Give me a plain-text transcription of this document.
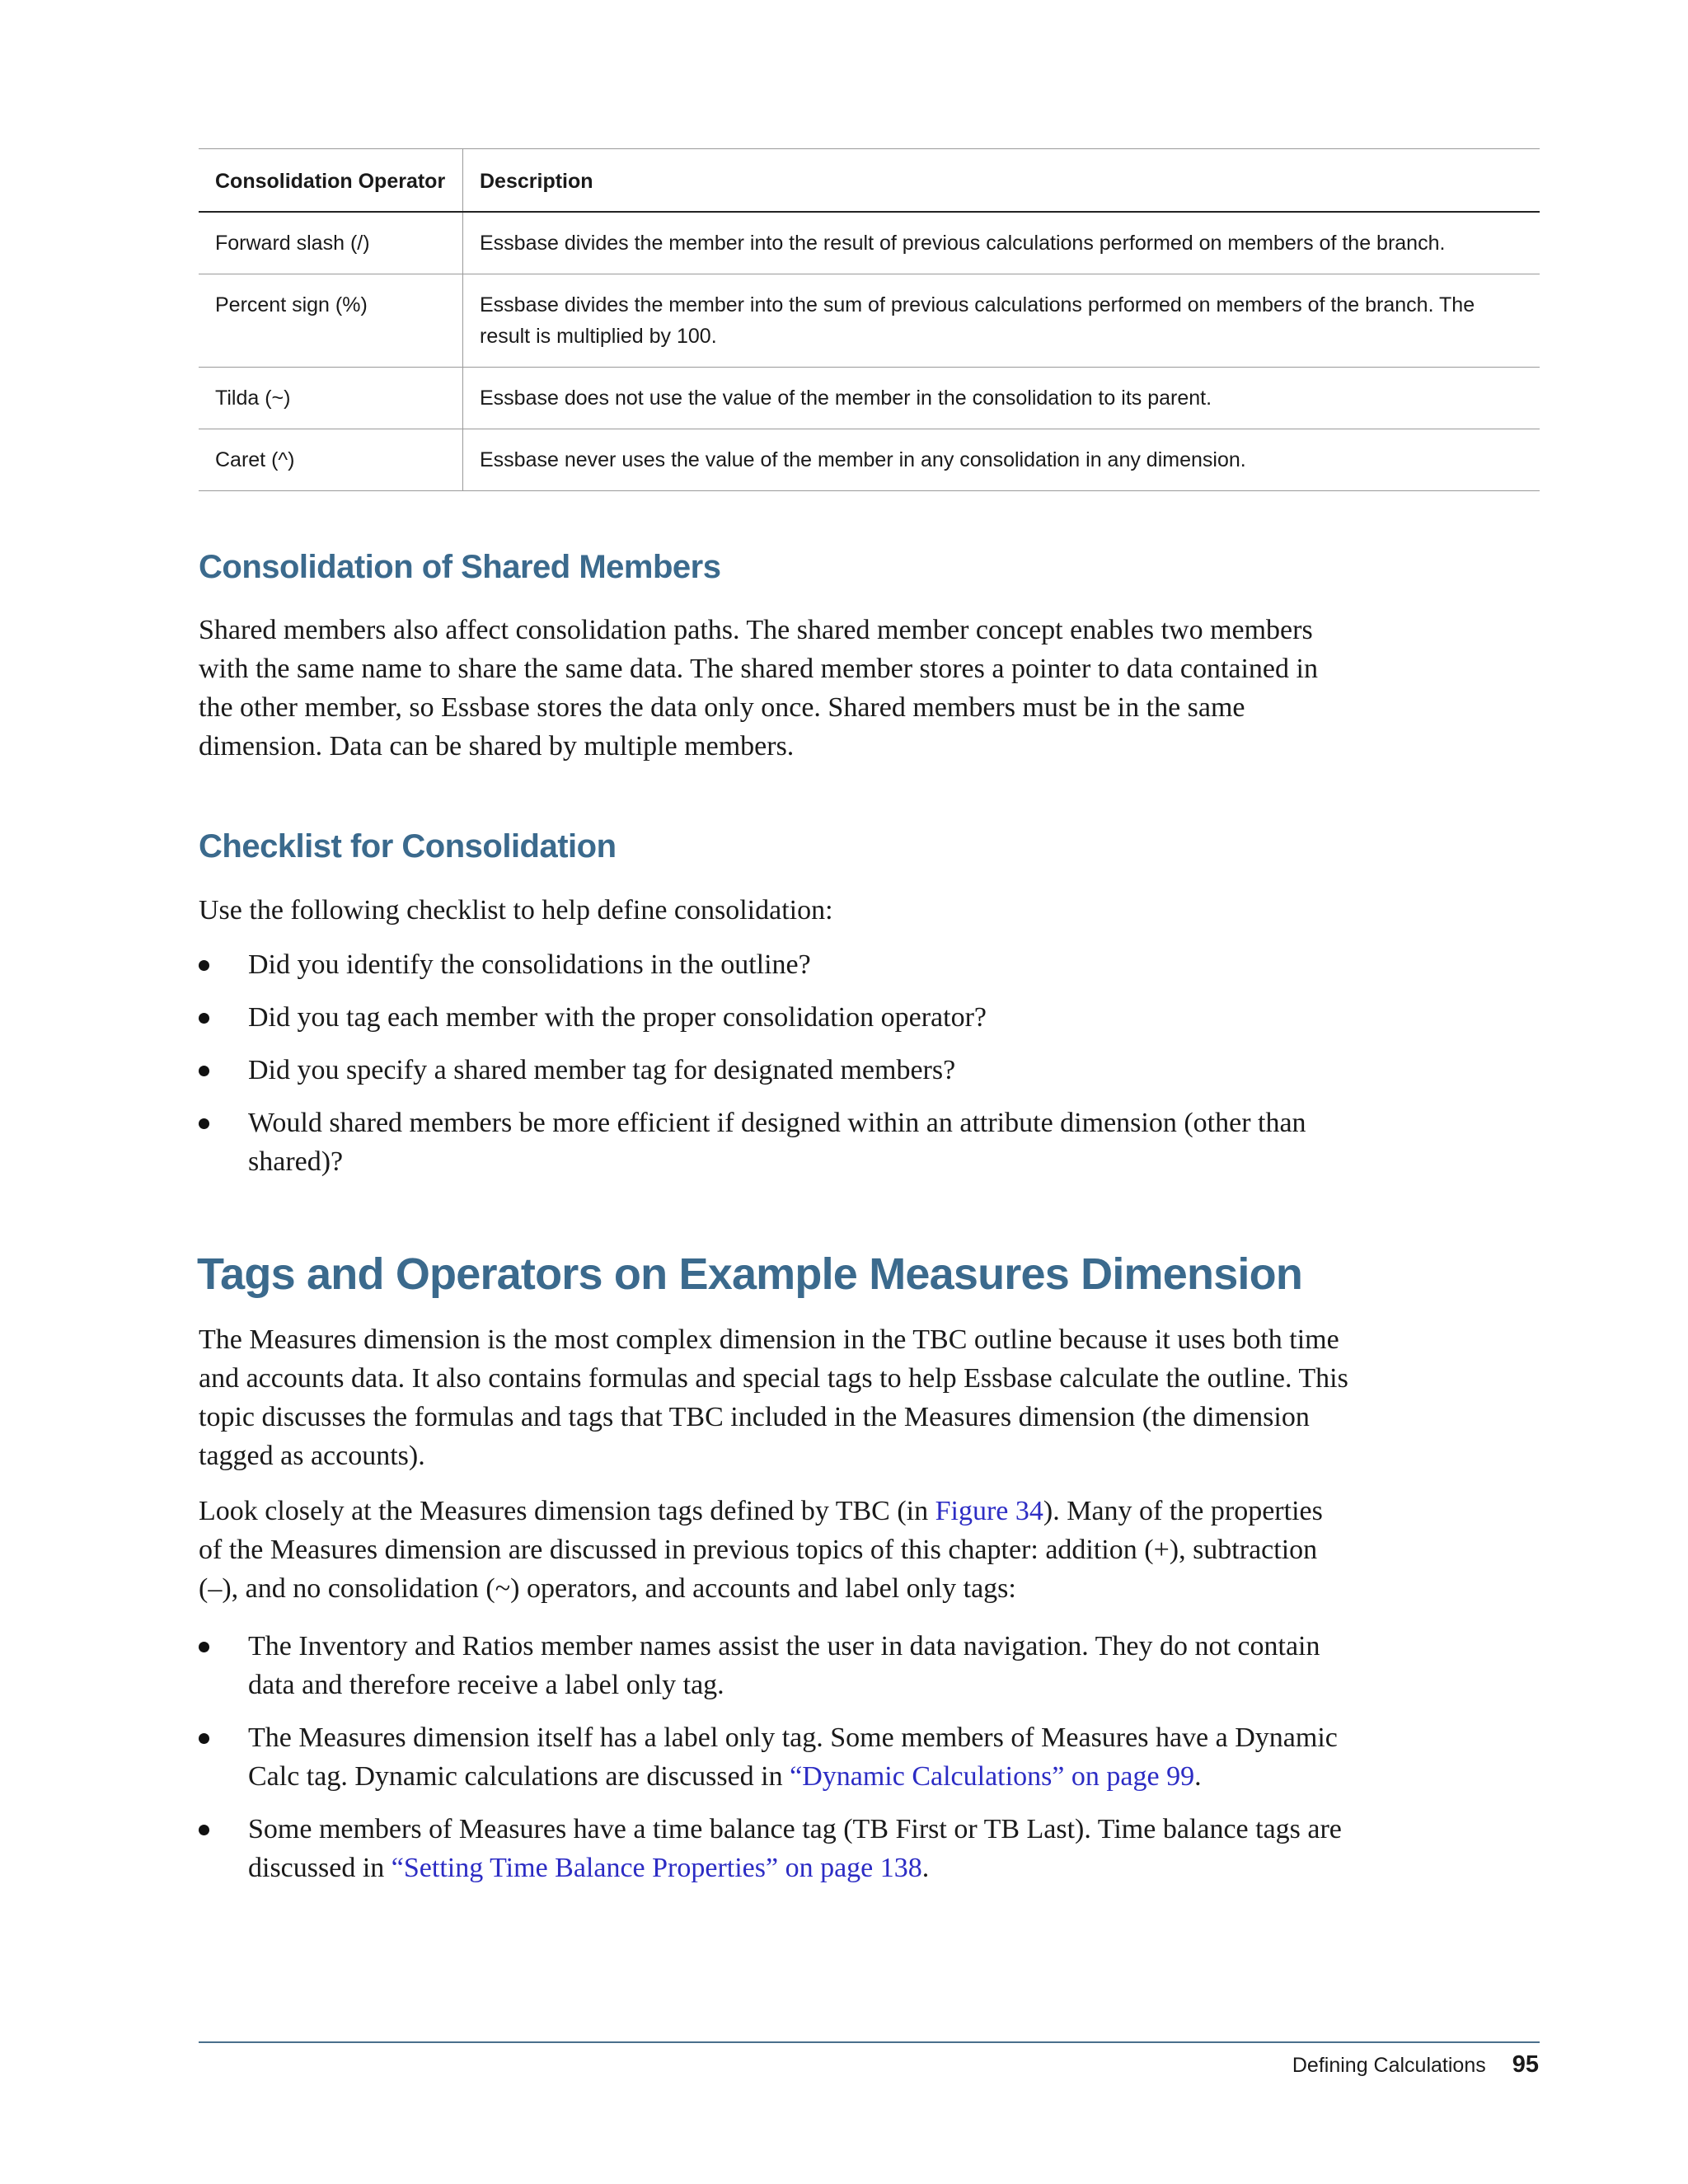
Consolidation Operator	Description
Forward slash (/)	Essbase divides the member into the result of previous calculations performed on members of the branch.
Percent sign (%)	Essbase divides the member into the sum of previous calculations performed on members of the branch. The result is multiplied by 100.
Tilda (~)	Essbase does not use the value of the member in the consolidation to its parent.
Caret (^)	Essbase never uses the value of the member in any consolidation in any dimension.
Consolidation of Shared Members

Shared members also affect consolidation paths. The shared member concept enables two members with the same name to share the same data. The shared member stores a pointer to data contained in the other member, so Essbase stores the data only once. Shared members must be in the same dimension. Data can be shared by multiple members.

Checklist for Consolidation

Use the following checklist to help define consolidation:

Did you identify the consolidations in the outline?
Did you tag each member with the proper consolidation operator?
Did you specify a shared member tag for designated members?
Would shared members be more efficient if designed within an attribute dimension (other than shared)?
Tags and Operators on Example Measures Dimension

The Measures dimension is the most complex dimension in the TBC outline because it uses both time and accounts data. It also contains formulas and special tags to help Essbase calculate the outline. This topic discusses the formulas and tags that TBC included in the Measures dimension (the dimension tagged as accounts).

Look closely at the Measures dimension tags defined by TBC (in Figure 34). Many of the properties of the Measures dimension are discussed in previous topics of this chapter: addition (+), subtraction (–), and no consolidation (~) operators, and accounts and label only tags:

The Inventory and Ratios member names assist the user in data navigation. They do not contain data and therefore receive a label only tag.
The Measures dimension itself has a label only tag. Some members of Measures have a Dynamic Calc tag. Dynamic calculations are discussed in “Dynamic Calculations” on page 99.
Some members of Measures have a time balance tag (TB First or TB Last). Time balance tags are discussed in “Setting Time Balance Properties” on page 138.
Defining Calculations 95
